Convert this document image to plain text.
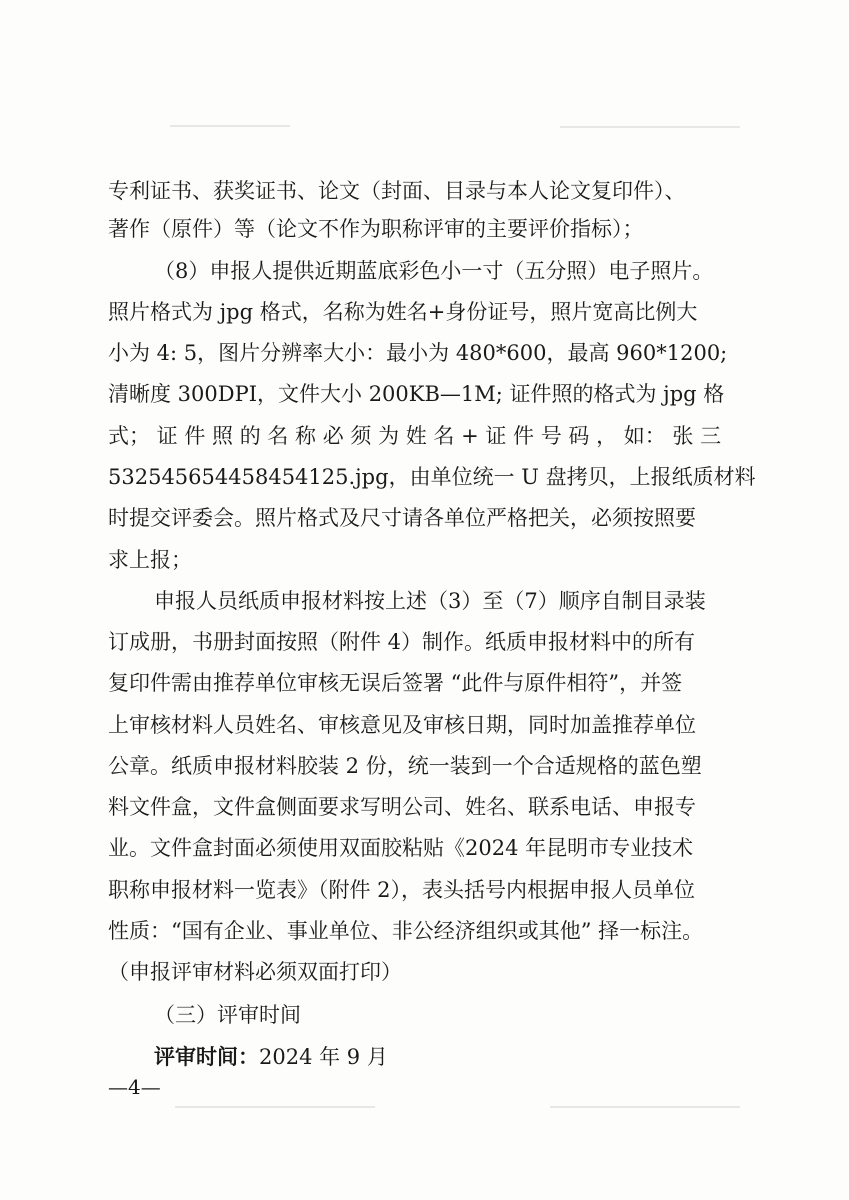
专利证书、获奖证书、论文（封面、目录与本人论文复印件）、
著作（原件）等（论文不作为职称评审的主要评价指标）；
（8）申报人提供近期蓝底彩色小一寸（五分照）电子照片。
照片格式为 jpg 格式，名称为姓名+身份证号，照片宽高比例大
小为 4: 5，图片分辨率大小：最小为 480*600，最高 960*1200;
清晰度 300DPI，文件大小 200KB—1M; 证件照的格式为 jpg 格
式； 证 件 照 的 名 称 必 须 为 姓 名 + 证 件 号 码 ， 如： 张 三
532545654458454125.jpg，由单位统一 U 盘拷贝，上报纸质材料
时提交评委会。照片格式及尺寸请各单位严格把关，必须按照要
求上报；
申报人员纸质申报材料按上述（3）至（7）顺序自制目录装
订成册，书册封面按照（附件 4）制作。纸质申报材料中的所有
复印件需由推荐单位审核无误后签署 “此件与原件相符”，并签
上审核材料人员姓名、审核意见及审核日期，同时加盖推荐单位
公章。纸质申报材料胶装 2 份，统一装到一个合适规格的蓝色塑
料文件盒，文件盒侧面要求写明公司、姓名、联系电话、申报专
业。文件盒封面必须使用双面胶粘贴《2024 年昆明市专业技术
职称申报材料一览表》（附件 2），表头括号内根据申报人员单位
性质：“国有企业、事业单位、非公经济组织或其他” 择一标注。
（申报评审材料必须双面打印）
（三）评审时间
评审时间：2024 年 9 月
—4—
